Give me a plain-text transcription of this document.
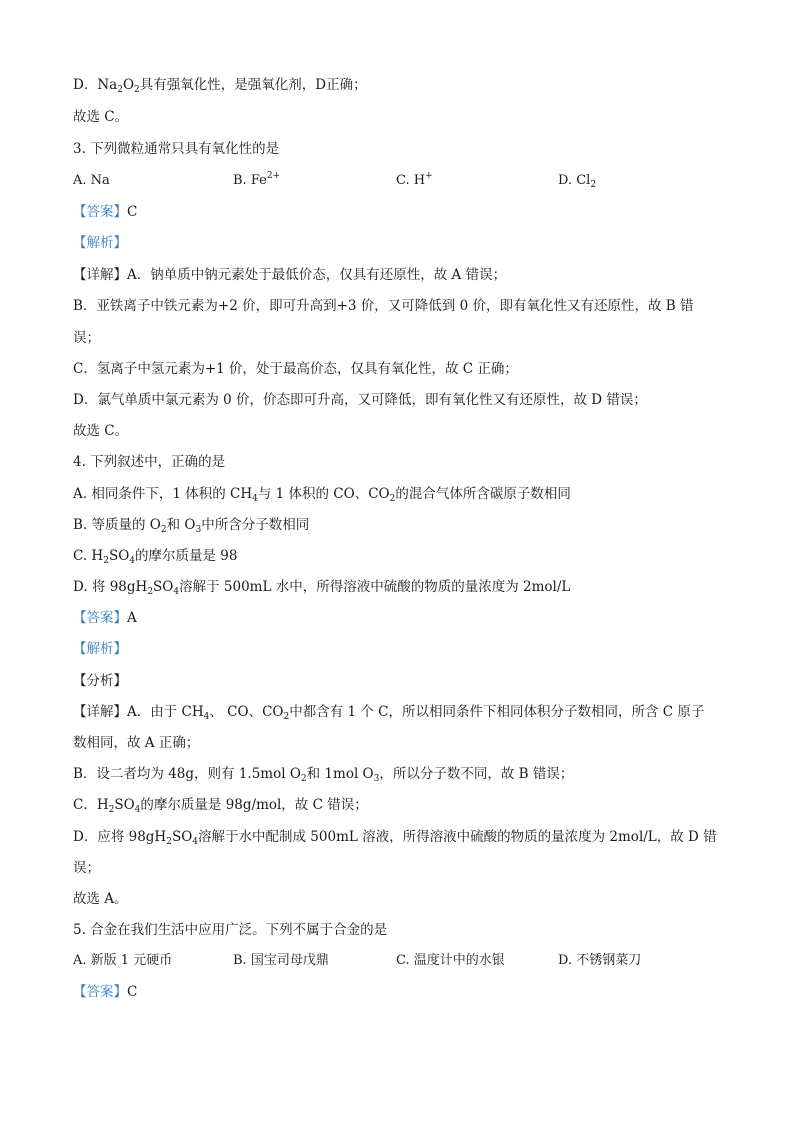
D．$Na_2O_2$具有强氧化性，是强氧化剂，D正确；
故选 C。
3. 下列微粒通常只具有氧化性的是
A. Na	B. $Fe^{2+}$	C. H+	D. $Cl_2$
【答案】C
【解析】
【详解】A．钠单质中钠元素处于最低价态，仅具有还原性，故 A 错误；
B．亚铁离子中铁元素为+2 价，即可升高到+3 价，又可降低到 0 价，即有氧化性又有还原性，故 B 错
误；
C．氢离子中氢元素为+1 价，处于最高价态，仅具有氧化性，故 C 正确；
D．氯气单质中氯元素为 0 价，价态即可升高，又可降低，即有氧化性又有还原性，故 D 错误；
故选 C。
4. 下列叙述中，正确的是
A. 相同条件下，1 体积的 $CH_4$与 1 体积的 CO、$CO_2$的混合气体所含碳原子数相同
B. 等质量的 $O_2$和 $O_3$中所含分子数相同
C. $H_2SO_4$的摩尔质量是 98
D. 将 $98gH_2SO_4$溶解于 500mL 水中，所得溶液中硫酸的物质的量浓度为 2mol/L
【答案】A
【解析】
【分析】
【详解】A．由于 $CH_4$、 CO、$CO_2$中都含有 1 个 C，所以相同条件下相同体积分子数相同，所含 C 原子
数相同，故 A 正确；
B．设二者均为 48g，则有 1.5mol $O_2$和 1mol $O_3$，所以分子数不同，故 B 错误；
C．$H_2SO_4$的摩尔质量是 98g/mol，故 C 错误；
D．应将 $98gH_2SO_4$溶解于水中配制成 500mL 溶液，所得溶液中硫酸的物质的量浓度为 2mol/L，故 D 错
误；
故选 A。
5. 合金在我们生活中应用广泛。下列不属于合金的是
A. 新版 1 元硬币	B. 国宝司母戊鼎	C. 温度计中的水银	D. 不锈钢菜刀
【答案】C
